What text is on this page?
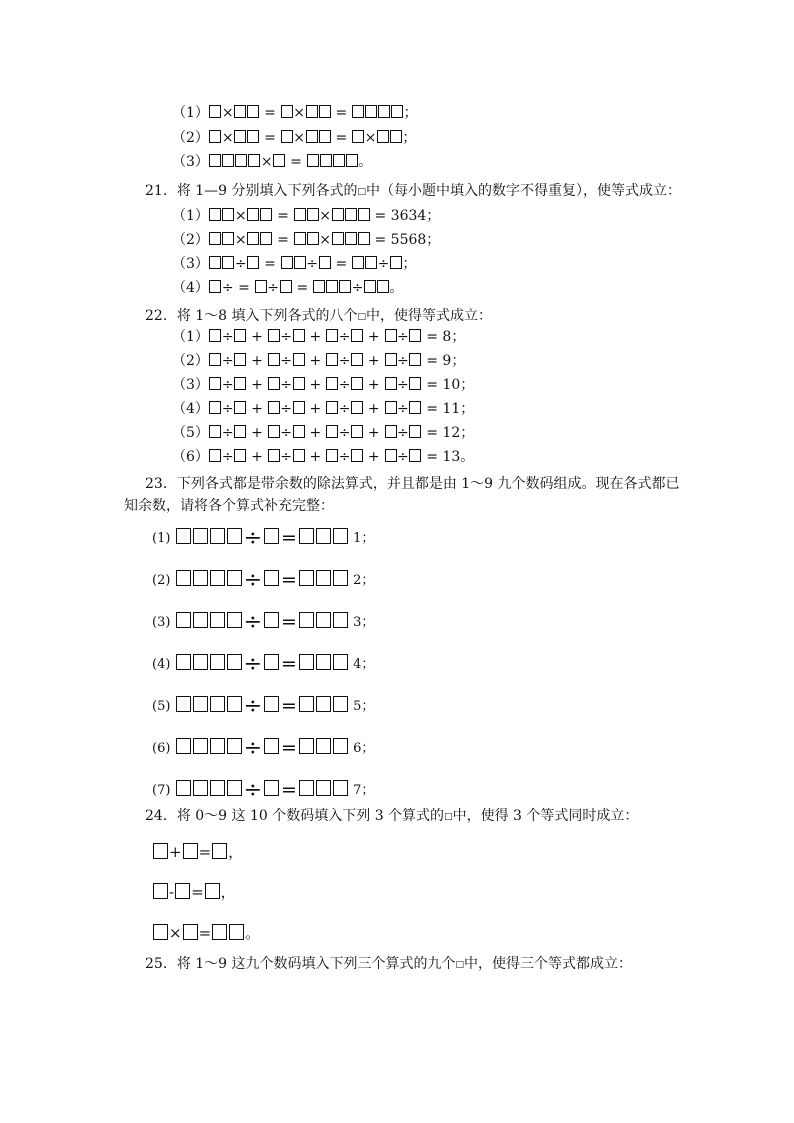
（1） × = × =	；
（2） × = × = × ；
（3）	× =	。
21．将 1—9 分别填入下列各式的□中（每小题中填入的数字不得重复），使等式成立：
（1） × = ×	= 3634；
（2） × = ×	= 5568；
（3） ÷ = ÷ = ÷ ；
（4） ÷ = ÷ =	÷ 。
22．将 1～8 填入下列各式的八个□中，使得等式成立：
（1） ÷ + ÷ + ÷ + ÷ = 8；
（2） ÷ + ÷ + ÷ + ÷ = 9；
（3） ÷ + ÷ + ÷ + ÷ = 10；
（4） ÷ + ÷ + ÷ + ÷ = 11；
（5） ÷ + ÷ + ÷ + ÷ = 12；
（6） ÷ + ÷ + ÷ + ÷ = 13。
23．下列各式都是带余数的除法算式，并且都是由 1～9 九个数码组成。现在各式都已
知余数，请将各个算式补充完整：
(1)	÷ =	1；
(2)	÷ =	2；
(3)	÷ =	3；
(4)	÷ =	4；
(5)	÷ =	5；
(6)	÷ =	6；
(7)	÷ =	7；
24．将 0～9 这 10 个数码填入下列 3 个算式的□中，使得 3 个等式同时成立：
+ = ，
- = ，
× = 。
25．将 1～9 这九个数码填入下列三个算式的九个□中，使得三个等式都成立：
